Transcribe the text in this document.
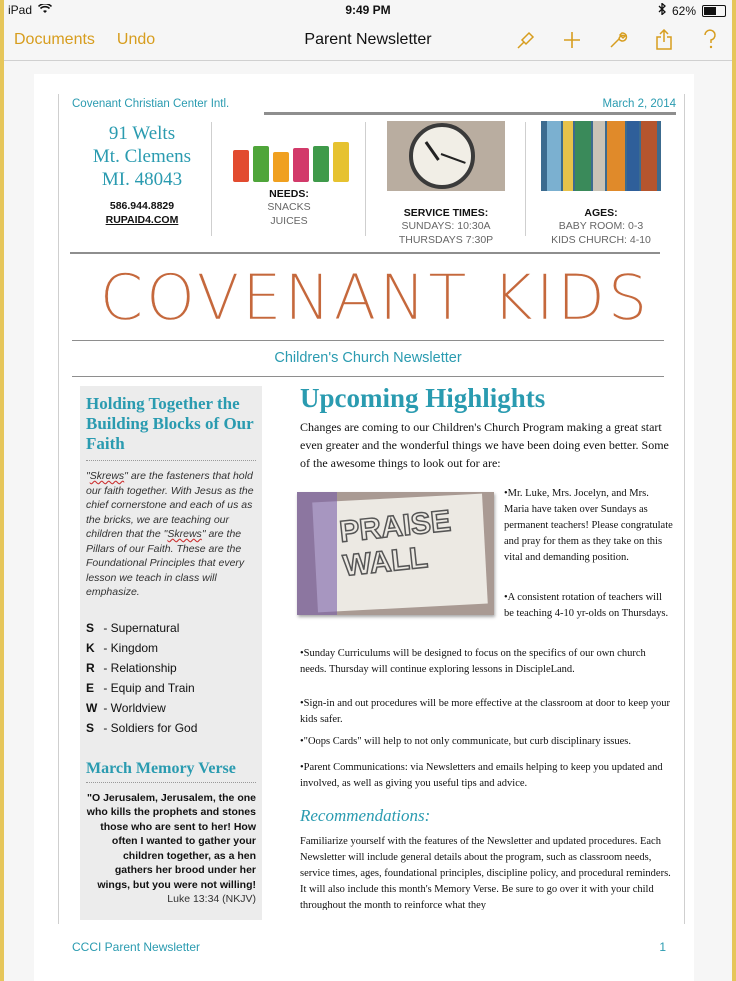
iPad	9:49 PM	62%
Documents Undo	Parent Newsletter
Covenant Christian Center Intl.	March 2, 2014
91 Welts
Mt. Clemens
MI. 48043
586.944.8829
RUPAID4.COM
NEEDS:
SNACKS
JUICES
SERVICE TIMES:
SUNDAYS: 10:30A
THURSDAYS 7:30P
AGES:
BABY ROOM: 0-3
KIDS CHURCH: 4-10
COVENANT KIDS
Children's Church Newsletter
Holding Together the Building Blocks of Our Faith
"Skrews" are the fasteners that hold our faith together. With Jesus as the chief cornerstone and each of us as the bricks, we are teaching our children that the "Skrews" are the Pillars of our Faith. These are the Foundational Principles that every lesson we teach in class will emphasize.
S - Supernatural
K - Kingdom
R - Relationship
E - Equip and Train
W - Worldview
S - Soldiers for God
March Memory Verse
"O Jerusalem, Jerusalem, the one who kills the prophets and stones those who are sent to her! How often I wanted to gather your children together, as a hen gathers her brood under her wings, but you were not willing!
Luke 13:34 (NKJV)
Upcoming Highlights
Changes are coming to our Children's Church Program making a great start even greater and the wonderful things we have been doing even better. Some of the awesome things to look out for are:
PRAISE WALL
•Mr. Luke, Mrs. Jocelyn, and Mrs. Maria have taken over Sundays as permanent teachers! Please congratulate and pray for them as they take on this vital and demanding position.
•A consistent rotation of teachers will be teaching 4-10 yr-olds on Thursdays.
•Sunday Curriculums will be designed to focus on the specifics of our own church needs. Thursday will continue exploring lessons in DiscipleLand.
•Sign-in and out procedures will be more effective at the classroom at door to keep your kids safer.
•"Oops Cards" will help to not only communicate, but curb disciplinary issues.
•Parent Communications: via Newsletters and emails helping to keep you updated and involved, as well as giving you useful tips and advice.
Recommendations:
Familiarize yourself with the features of the Newsletter and updated procedures. Each Newsletter will include general details about the program, such as classroom needs, service times, ages, foundational principles, discipline policy, and procedural reminders. It will also include this month's Memory Verse. Be sure to go over it with your child throughout the month to reinforce what they
CCCI Parent Newsletter	1
